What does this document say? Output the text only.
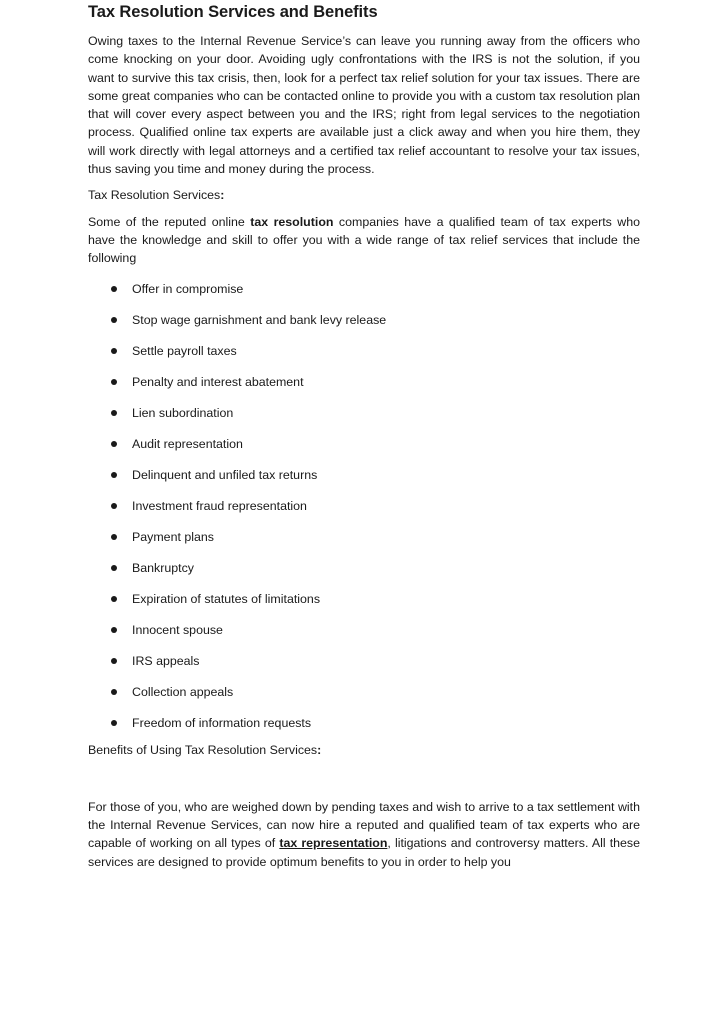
Tax Resolution Services and Benefits

Owing taxes to the Internal Revenue Service’s can leave you running away from the officers who come knocking on your door. Avoiding ugly confrontations with the IRS is not the solution, if you want to survive this tax crisis, then, look for a perfect tax relief solution for your tax issues. There are some great companies who can be contacted online to provide you with a custom tax resolution plan that will cover every aspect between you and the IRS; right from legal services to the negotiation process. Qualified online tax experts are available just a click away and when you hire them, they will work directly with legal attorneys and a certified tax relief accountant to resolve your tax issues, thus saving you time and money during the process.

Tax Resolution Services:

Some of the reputed online tax resolution companies have a qualified team of tax experts who have the knowledge and skill to offer you with a wide range of tax relief services that include the following

Offer in compromise
Stop wage garnishment and bank levy release
Settle payroll taxes
Penalty and interest abatement
Lien subordination
Audit representation
Delinquent and unfiled tax returns
Investment fraud representation
Payment plans
Bankruptcy
Expiration of statutes of limitations
Innocent spouse
IRS appeals
Collection appeals
Freedom of information requests

Benefits of Using Tax Resolution Services:

For those of you, who are weighed down by pending taxes and wish to arrive to a tax settlement with the Internal Revenue Services, can now hire a reputed and qualified team of tax experts who are capable of working on all types of tax representation, litigations and controversy matters. All these services are designed to provide optimum benefits to you in order to help you
